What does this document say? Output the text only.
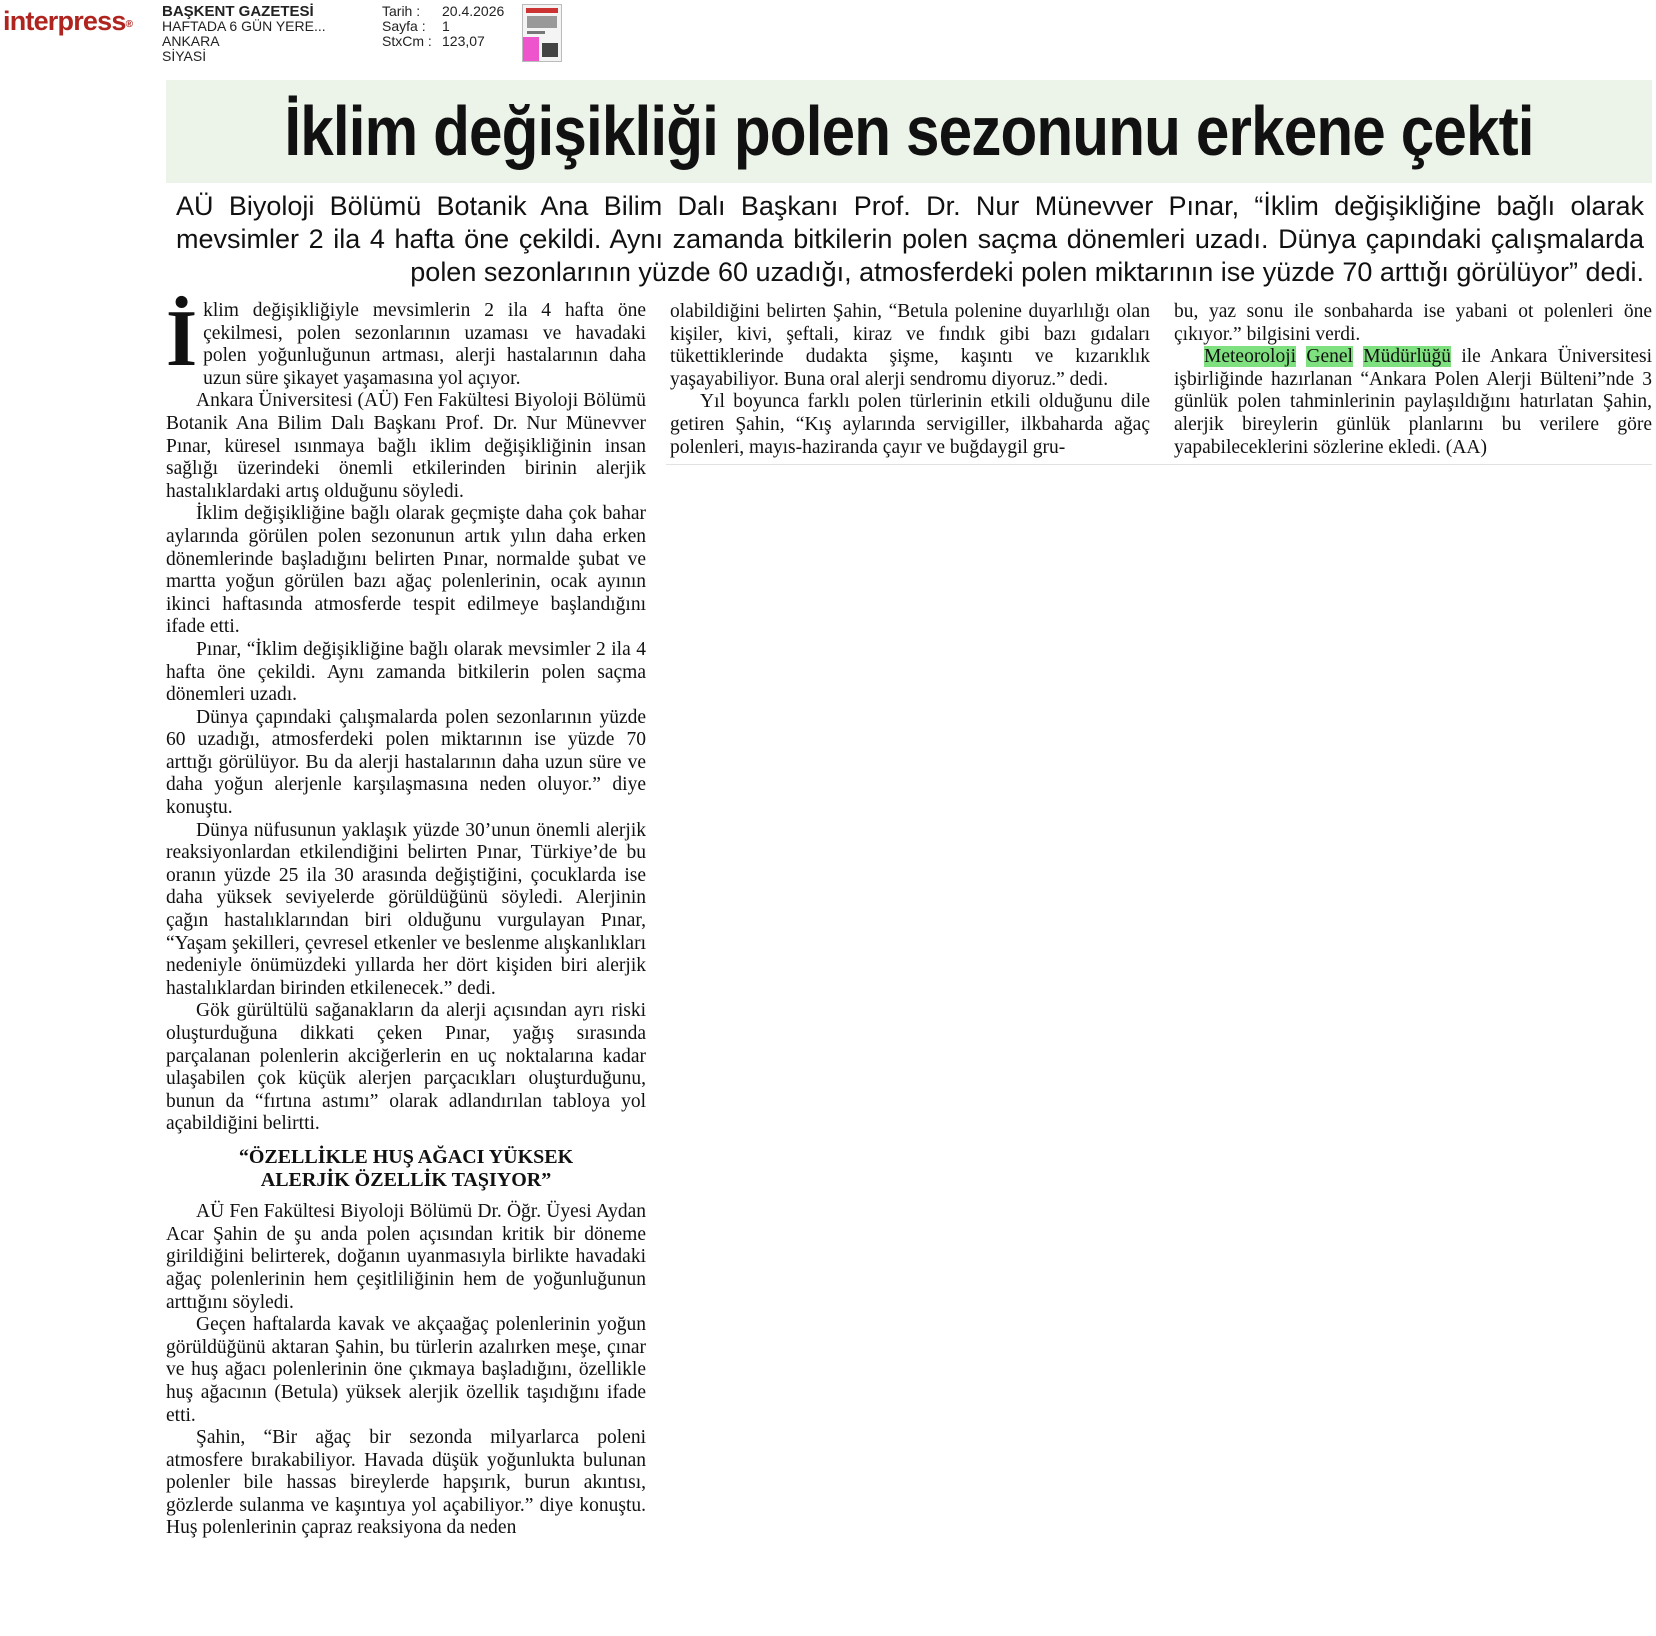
interpress®
BAŞKENT GAZETESİ
HAFTADA 6 GÜN YERE...
ANKARA
SİYASİ
Tarih :	20.4.2026
Sayfa :	1
StxCm : 123,07
İklim değişikliği polen sezonunu erkene çekti
AÜ Biyoloji Bölümü Botanik Ana Bilim Dalı Başkanı Prof. Dr. Nur Münevver Pınar, “İklim değişikliğine bağlı olarak mevsimler 2 ila 4 hafta öne çekildi. Aynı zamanda bitkilerin polen saçma dönemleri uzadı. Dünya çapındaki çalışmalarda polen sezonlarının yüzde 60 uzadığı, atmosferdeki polen miktarının ise yüzde 70 arttığı görülüyor” dedi.

İklim değişikliğiyle mevsimlerin 2 ila 4 hafta öne çekilmesi, polen sezonlarının uzaması ve havadaki polen yoğunluğunun artması, alerji hastalarının daha uzun süre şikayet yaşamasına yol açıyor.

Ankara Üniversitesi (AÜ) Fen Fakültesi Biyoloji Bölümü Botanik Ana Bilim Dalı Başkanı Prof. Dr. Nur Münevver Pınar, küresel ısınmaya bağlı iklim değişikliğinin insan sağlığı üzerindeki önemli etkilerinden birinin alerjik hastalıklardaki artış olduğunu söyledi.

İklim değişikliğine bağlı olarak geçmişte daha çok bahar aylarında görülen polen sezonunun artık yılın daha erken dönemlerinde başladığını belirten Pınar, normalde şubat ve martta yoğun görülen bazı ağaç polenlerinin, ocak ayının ikinci haftasında atmosferde tespit edilmeye başlandığını ifade etti.

Pınar, “İklim değişikliğine bağlı olarak mevsimler 2 ila 4 hafta öne çekildi. Aynı zamanda bitkilerin polen saçma dönemleri uzadı.

Dünya çapındaki çalışmalarda polen sezonlarının yüzde 60 uzadığı, atmosferdeki polen miktarının ise yüzde 70 arttığı görülüyor. Bu da alerji hastalarının daha uzun süre ve daha yoğun alerjenle karşılaşmasına neden oluyor.” diye konuştu.

Dünya nüfusunun yaklaşık yüzde 30’unun önemli alerjik reaksiyonlardan etkilendiğini belirten Pınar, Türkiye’de bu oranın yüzde 25 ila 30 arasında değiştiğini, çocuklarda ise daha yüksek seviyelerde görüldüğünü söyledi. Alerjinin çağın hastalıklarından biri olduğunu vurgulayan Pınar, “Yaşam şekilleri, çevresel etkenler ve beslenme alışkanlıkları nedeniyle önümüzdeki yıllarda her dört kişiden biri alerjik hastalıklardan birinden etkilenecek.” dedi.

Gök gürültülü sağanakların da alerji açısından ayrı riski oluşturduğuna dikkati çeken Pınar, yağış sırasında parçalanan polenlerin akciğerlerin en uç noktalarına kadar ulaşabilen çok küçük alerjen parçacıkları oluşturduğunu, bunun da “fırtına astımı” olarak adlandırılan tabloya yol açabildiğini belirtti.

“ÖZELLİKLE HUŞ AĞACI YÜKSEK
ALERJİK ÖZELLİK TAŞIYOR”

AÜ Fen Fakültesi Biyoloji Bölümü Dr. Öğr. Üyesi Aydan Acar Şahin de şu anda polen açısından kritik bir döneme girildiğini belirterek, doğanın uyanmasıyla birlikte havadaki ağaç polenlerinin hem çeşitliliğinin hem de yoğunluğunun arttığını söyledi.

Geçen haftalarda kavak ve akçaağaç polenlerinin yoğun görüldüğünü aktaran Şahin, bu türlerin azalırken meşe, çınar ve huş ağacı polenlerinin öne çıkmaya başladığını, özellikle huş ağacının (Betula) yüksek alerjik özellik taşıdığını ifade etti.

Şahin, “Bir ağaç bir sezonda milyarlarca poleni atmosfere bırakabiliyor. Havada düşük yoğunlukta bulunan polenler bile hassas bireylerde hapşırık, burun akıntısı, gözlerde sulanma ve kaşıntıya yol açabiliyor.” diye konuştu. Huş polenlerinin çapraz reaksiyona da neden

olabildiğini belirten Şahin, “Betula polenine duyarlılığı olan kişiler, kivi, şeftali, kiraz ve fındık gibi bazı gıdaları tükettiklerinde dudakta şişme, kaşıntı ve kızarıklık yaşayabiliyor. Buna oral alerji sendromu diyoruz.” dedi.

Yıl boyunca farklı polen türlerinin etkili olduğunu dile getiren Şahin, “Kış aylarında servigiller, ilkbaharda ağaç polenleri, mayıs-haziranda çayır ve buğdaygil gru-

bu, yaz sonu ile sonbaharda ise yabani ot polenleri öne çıkıyor.” bilgisini verdi.

Meteoroloji Genel Müdürlüğü ile Ankara Üniversitesi işbirliğinde hazırlanan “Ankara Polen Alerji Bülteni”nde 3 günlük polen tahminlerinin paylaşıldığını hatırlatan Şahin, alerjik bireylerin günlük planlarını bu verilere göre yapabileceklerini sözlerine ekledi. (AA)
